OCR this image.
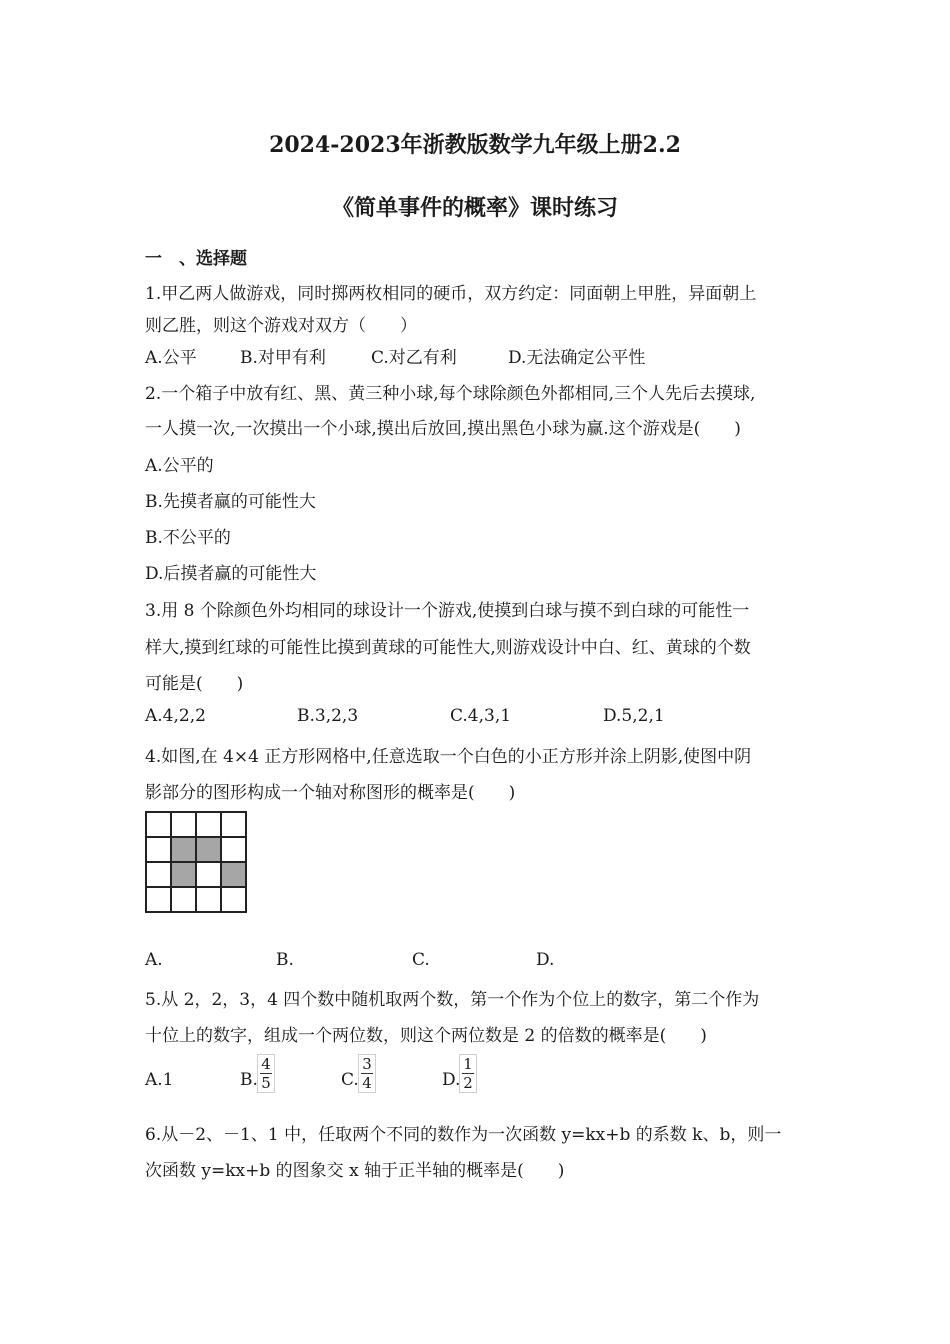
2024-2023年浙教版数学九年级上册2.2
《简单事件的概率》课时练习
一　、选择题
1.甲乙两人做游戏，同时掷两枚相同的硬币，双方约定：同面朝上甲胜，异面朝上
则乙胜，则这个游戏对双方（　　）
A.公平	B.对甲有利	C.对乙有利	D.无法确定公平性
2.一个箱子中放有红、黑、黄三种小球,每个球除颜色外都相同,三个人先后去摸球,
一人摸一次,一次摸出一个小球,摸出后放回,摸出黑色小球为赢.这个游戏是(　　)
A.公平的
B.先摸者赢的可能性大
B.不公平的
D.后摸者赢的可能性大
3.用 8 个除颜色外均相同的球设计一个游戏,使摸到白球与摸不到白球的可能性一
样大,摸到红球的可能性比摸到黄球的可能性大,则游戏设计中白、红、黄球的个数
可能是(　　)
A.4,2,2	B.3,2,3	C.4,3,1	D.5,2,1
4.如图,在 4×4 正方形网格中,任意选取一个白色的小正方形并涂上阴影,使图中阴
影部分的图形构成一个轴对称图形的概率是(　　)
A.	B.	C.	D.
5.从 2，2，3，4 四个数中随机取两个数，第一个作为个位上的数字，第二个作为
十位上的数字，组成一个两位数，则这个两位数是 2 的倍数的概率是(　　)
A.1	B.
4
5	C.
3
4	D.
1
2
6.从－2、－1、1 中，任取两个不同的数作为一次函数 y=kx+b 的系数 k、b，则一
次函数 y=kx+b 的图象交 x 轴于正半轴的概率是(　　)
